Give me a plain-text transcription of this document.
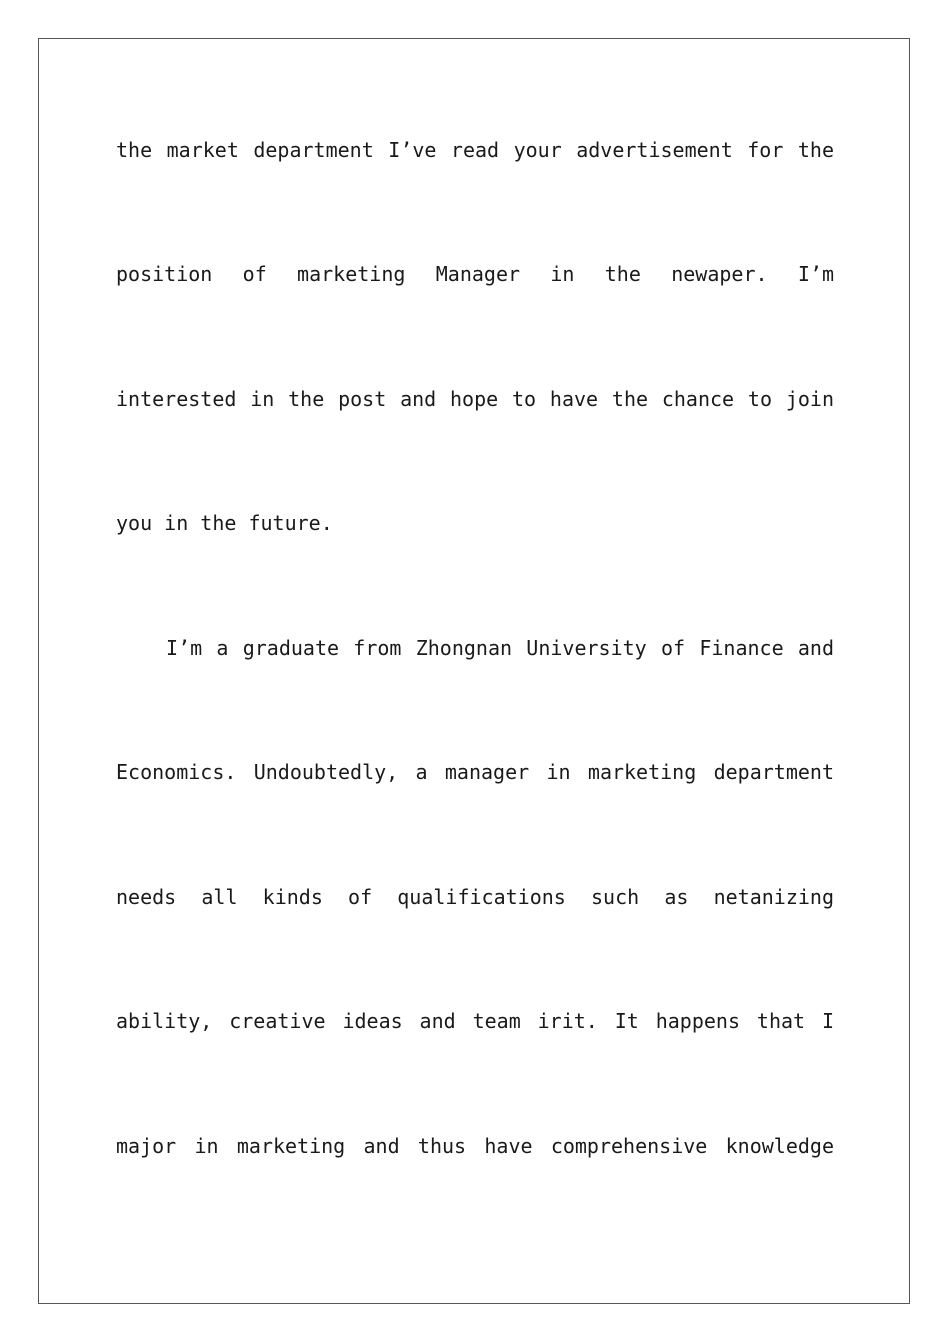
the market department I’ve read your advertisement for the
position of marketing Manager in the newaper. I’m
interested in the post and hope to have the chance to join
you in the future.
I’m a graduate from Zhongnan University of Finance and
Economics. Undoubtedly, a manager in marketing department
needs all kinds of qualifications such as netanizing
ability, creative ideas and team irit. It happens that I
major in marketing and thus have comprehensive knowledge
